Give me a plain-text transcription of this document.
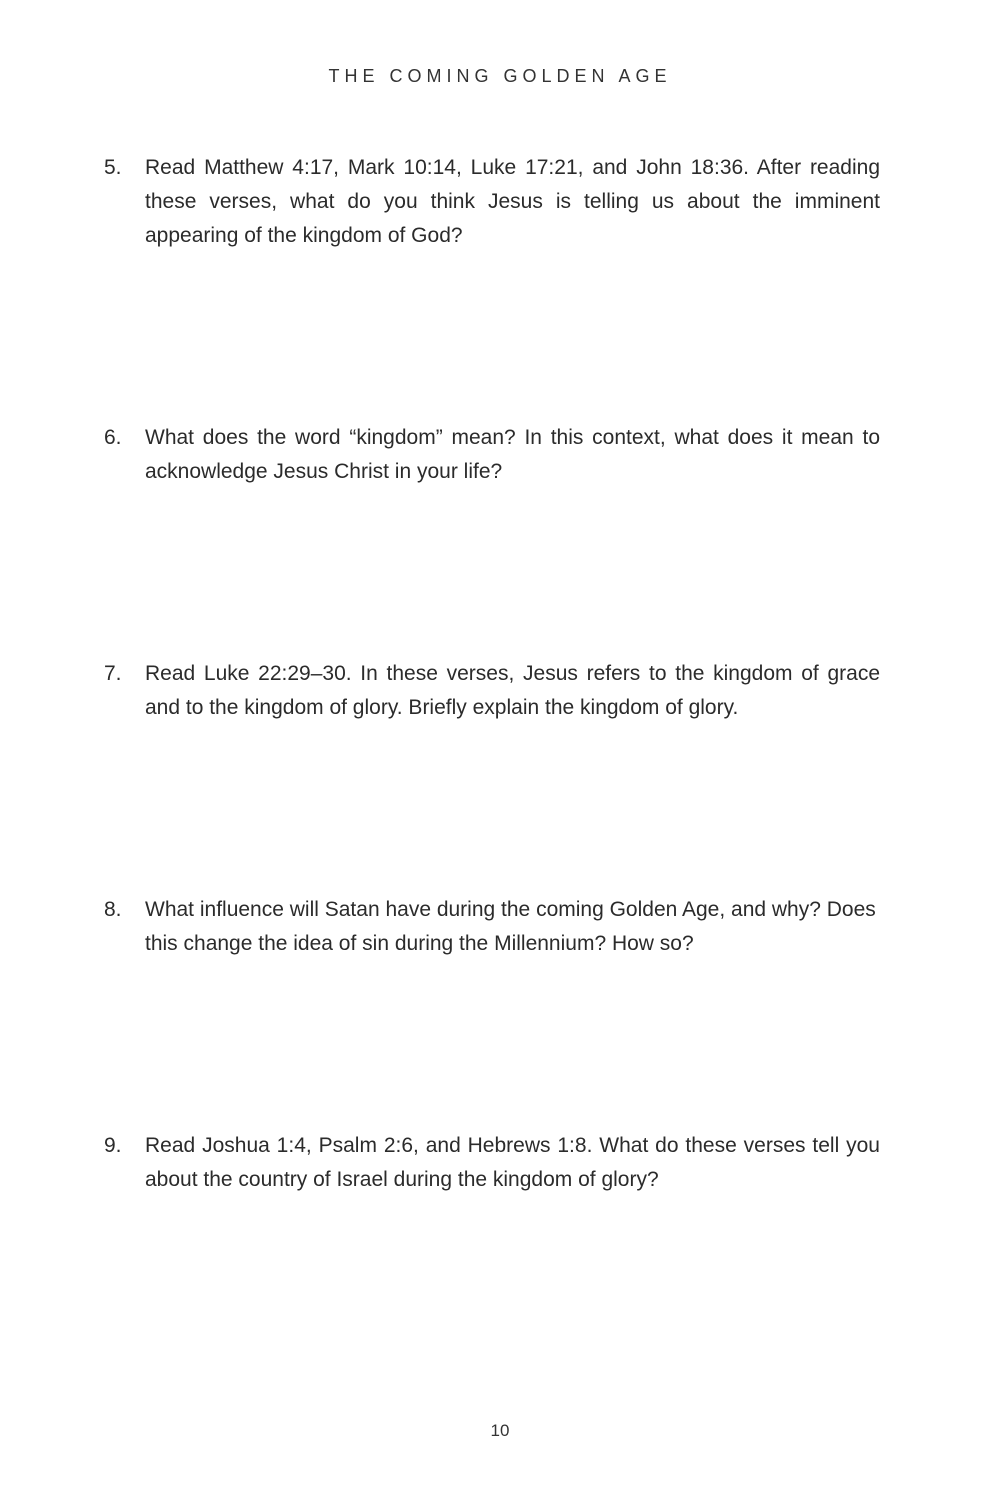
THE COMING GOLDEN AGE
5.	Read Matthew 4:17, Mark 10:14, Luke 17:21, and John 18:36. After reading these verses, what do you think Jesus is telling us about the imminent appearing of the kingdom of God?
6.	What does the word “kingdom” mean? In this context, what does it mean to acknowledge Jesus Christ in your life?
7.	Read Luke 22:29–30. In these verses, Jesus refers to the kingdom of grace and to the kingdom of glory. Briefly explain the kingdom of glory.
8.	What influence will Satan have during the coming Golden Age, and why? Does this change the idea of sin during the Millennium? How so?
9.	Read Joshua 1:4, Psalm 2:6, and Hebrews 1:8. What do these verses tell you about the country of Israel during the kingdom of glory?
10
